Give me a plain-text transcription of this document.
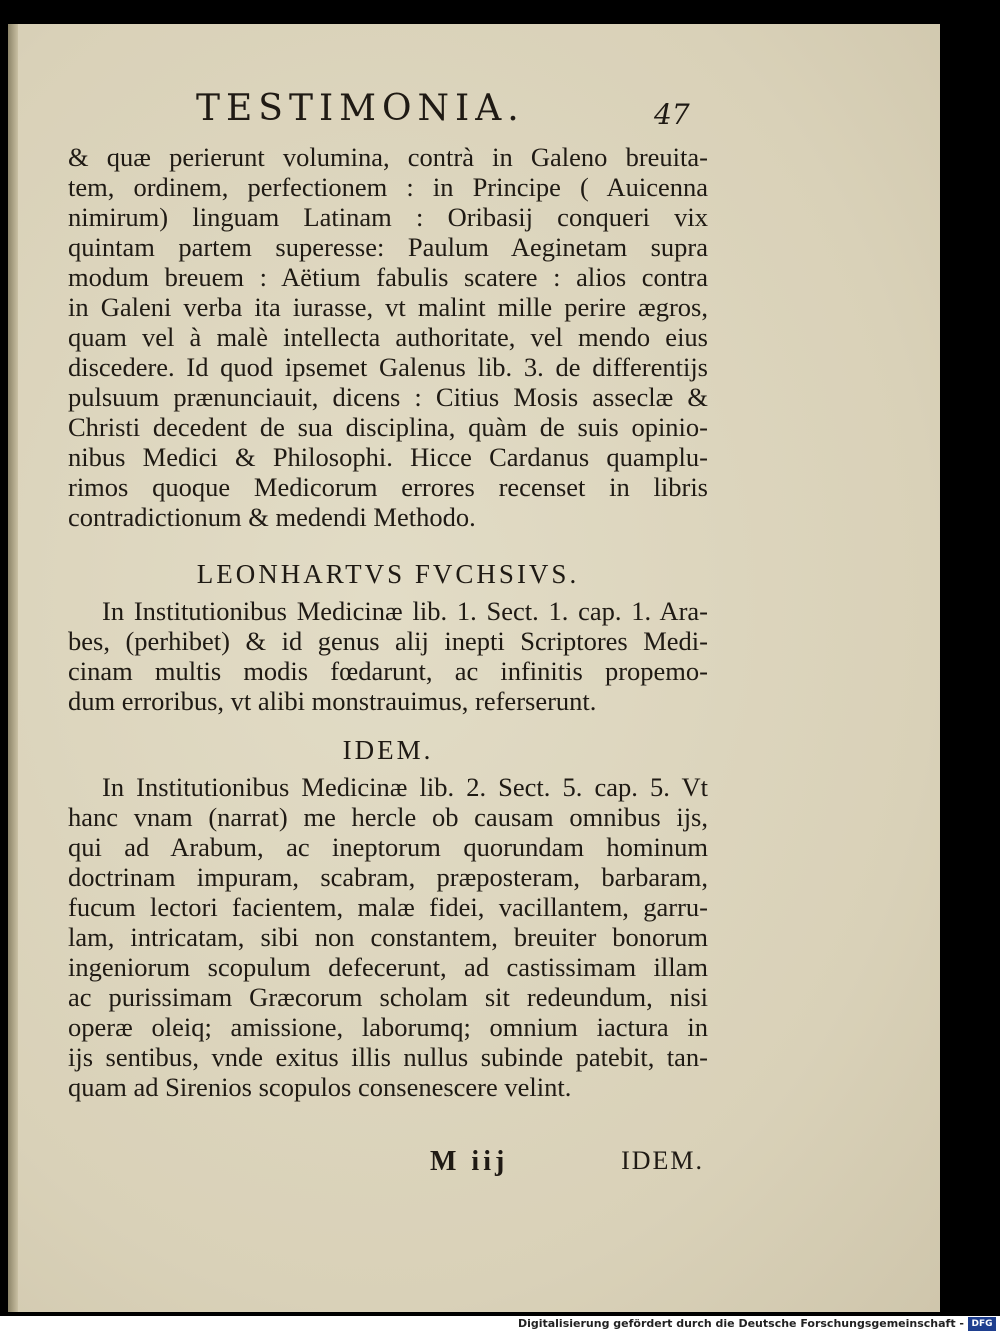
TESTIMONIA.	47
& quæ perierunt volumina, contrà in Galeno breuita-
tem, ordinem, perfectionem : in Principe ( Auicenna
nimirum) linguam Latinam : Oribasij conqueri vix
quintam partem superesse: Paulum Aeginetam supra
modum breuem : Aëtium fabulis scatere : alios contra
in Galeni verba ita iurasse, vt malint mille perire ægros,
quam vel à malè intellecta authoritate, vel mendo eius
discedere. Id quod ipsemet Galenus lib. 3. de differentijs
pulsuum prænunciauit, dicens : Citius Mosis asseclæ &
Christi decedent de sua disciplina, quàm de suis opinio-
nibus Medici & Philosophi. Hicce Cardanus quamplu-
rimos quoque Medicorum errores recenset in libris
contradictionum & medendi Methodo.
LEONHARTVS FVCHSIVS.
In Institutionibus Medicinæ lib. 1. Sect. 1. cap. 1. Ara-
bes, (perhibet) & id genus alij inepti Scriptores Medi-
cinam multis modis fœdarunt, ac infinitis propemo-
dum erroribus, vt alibi monstrauimus, referserunt.
IDEM.
In Institutionibus Medicinæ lib. 2. Sect. 5. cap. 5. Vt
hanc vnam (narrat) me hercle ob causam omnibus ijs,
qui ad Arabum, ac ineptorum quorundam hominum
doctrinam impuram, scabram, præposteram, barbaram,
fucum lectori facientem, malæ fidei, vacillantem, garru-
lam, intricatam, sibi non constantem, breuiter bonorum
ingeniorum scopulum defecerunt, ad castissimam illam
ac purissimam Græcorum scholam sit redeundum, nisi
operæ oleiq; amissione, laborumq; omnium iactura in
ijs sentibus, vnde exitus illis nullus subinde patebit, tan-
quam ad Sirenios scopulos consenescere velint.
M iij	IDEM.
Digitalisierung gefördert durch die Deutsche Forschungsgemeinschaft - DFG
